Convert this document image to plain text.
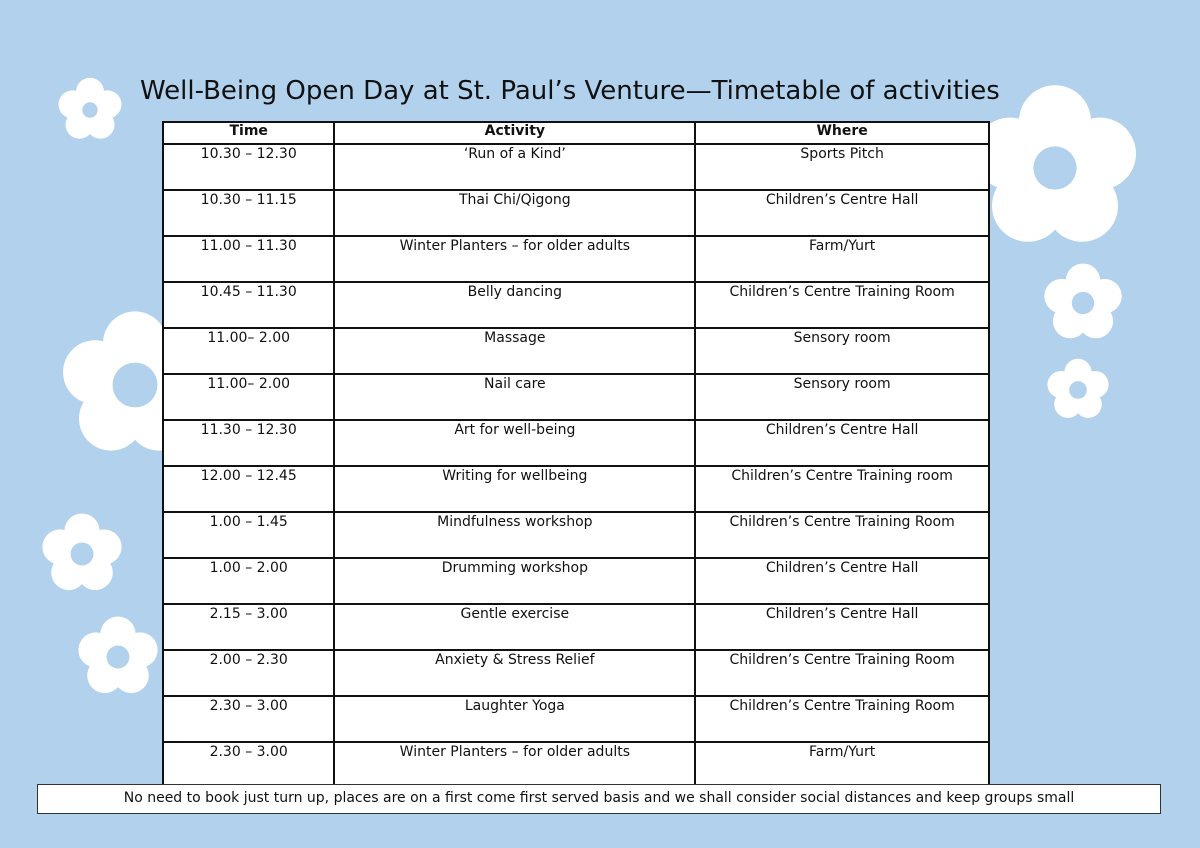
Well-Being Open Day at St. Paul’s Venture—Timetable of activities
Time	Activity	Where
10.30 – 12.30	‘Run of a Kind’	Sports Pitch
10.30 – 11.15	Thai Chi/Qigong	Children’s Centre Hall
11.00 – 11.30	Winter Planters – for older adults	Farm/Yurt
10.45 – 11.30	Belly dancing	Children’s Centre Training Room
11.00– 2.00	Massage	Sensory room
11.00– 2.00	Nail care	Sensory room
11.30 – 12.30	Art for well-being	Children’s Centre Hall
12.00 – 12.45	Writing for wellbeing	Children’s Centre Training room
1.00 – 1.45	Mindfulness workshop	Children’s Centre Training Room
1.00 – 2.00	Drumming workshop	Children’s Centre Hall
2.15 – 3.00	Gentle exercise	Children’s Centre Hall
2.00 – 2.30	Anxiety & Stress Relief	Children’s Centre Training Room
2.30 – 3.00	Laughter Yoga	Children’s Centre Training Room
2.30 – 3.00	Winter Planters – for older adults	Farm/Yurt
No need to book just turn up, places are on a first come first served basis and we shall consider social distances and keep groups small
